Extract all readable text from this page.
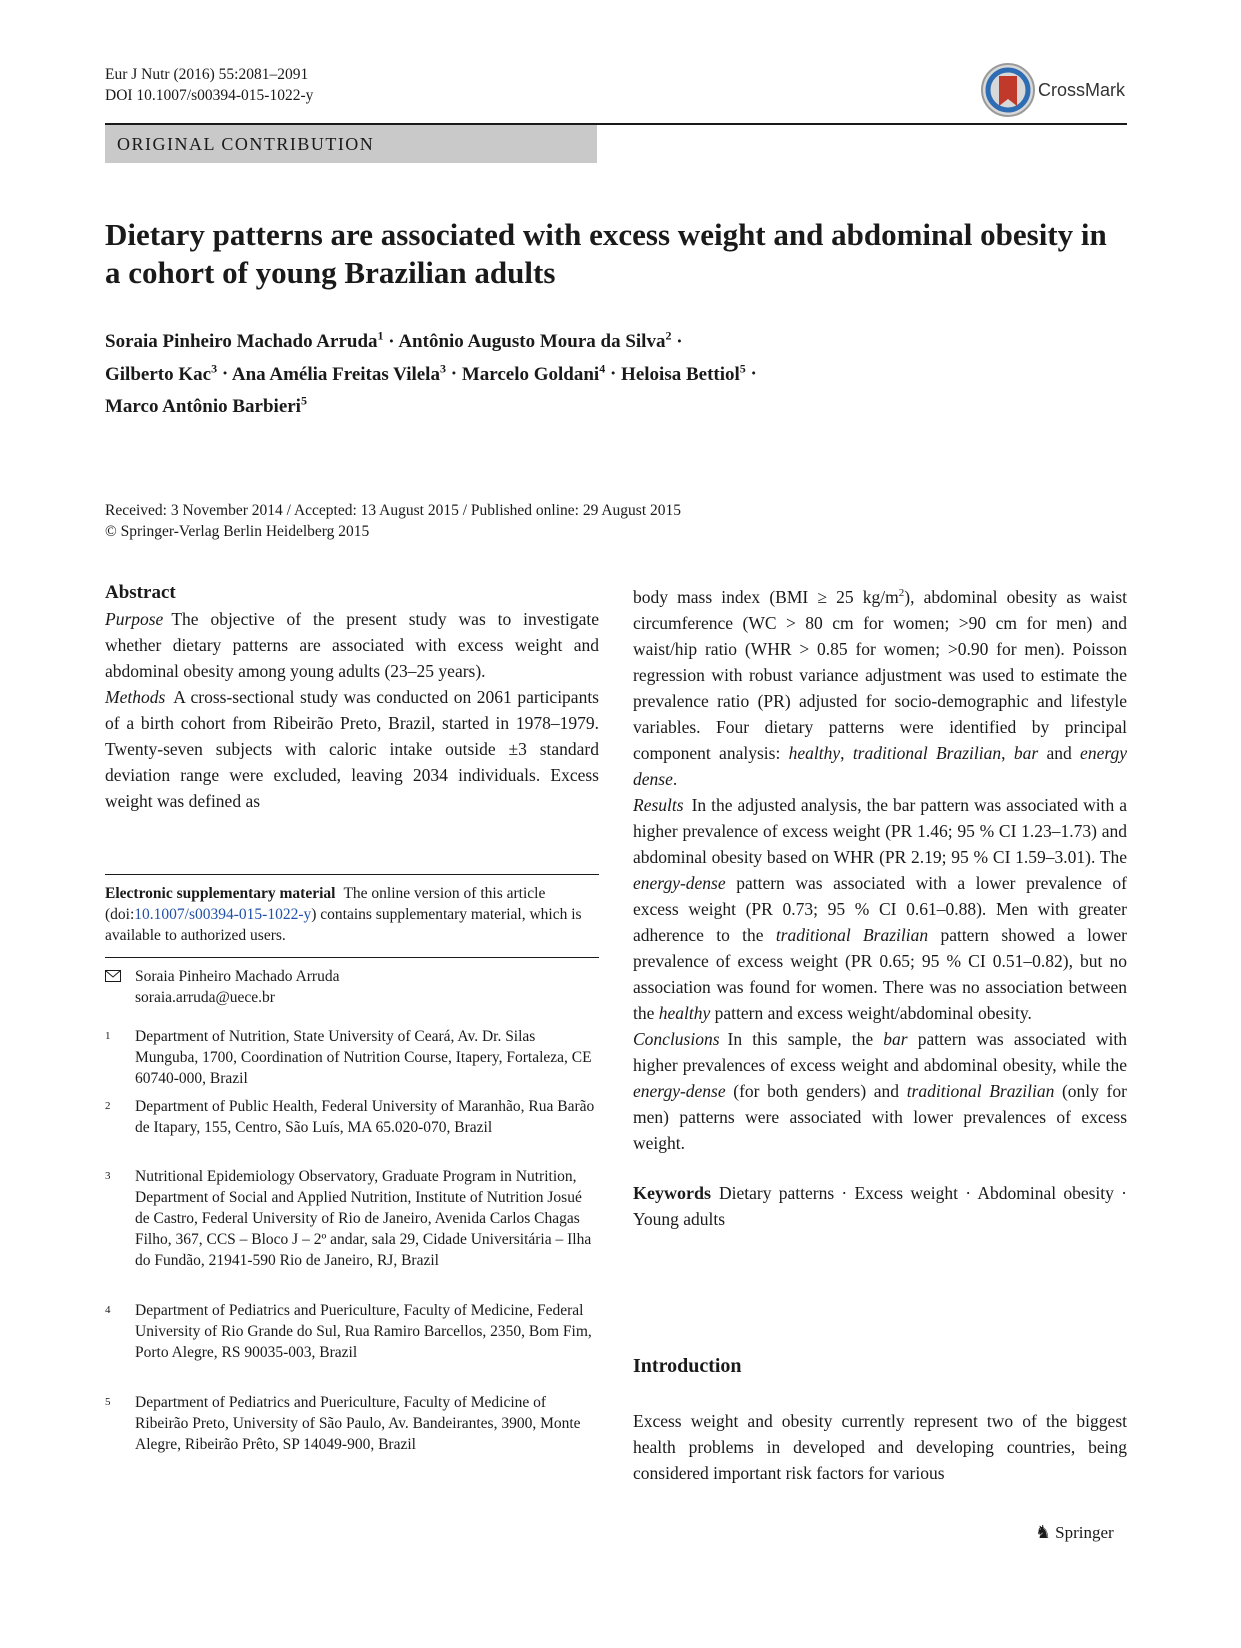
Eur J Nutr (2016) 55:2081–2091
DOI 10.1007/s00394-015-1022-y	CrossMark
ORIGINAL CONTRIBUTION
Dietary patterns are associated with excess weight and abdominal obesity in a cohort of young Brazilian adults
Soraia Pinheiro Machado Arruda$^1$ · Antônio Augusto Moura da Silva$^2$ ·
Gilberto Kac$^3$ · Ana Amélia Freitas Vilela$^3$ · Marcelo Goldani$^4$ · Heloisa Bettiol$^5$ ·
Marco Antônio Barbieri$^5$
Received: 3 November 2014 / Accepted: 13 August 2015 / Published online: 29 August 2015
© Springer-Verlag Berlin Heidelberg 2015

Abstract

Purpose The objective of the present study was to investigate whether dietary patterns are associated with excess weight and abdominal obesity among young adults (23–25 years).

Methods A cross-sectional study was conducted on 2061 participants of a birth cohort from Ribeirão Preto, Brazil, started in 1978–1979. Twenty-seven subjects with caloric intake outside ±3 standard deviation range were excluded, leaving 2034 individuals. Excess weight was defined as

Electronic supplementary material The online version of this article (doi:10.1007/s00394-015-1022-y) contains supplementary material, which is available to authorized users.
Soraia Pinheiro Machado Arruda
soraia.arruda@uece.br
1	Department of Nutrition, State University of Ceará, Av. Dr. Silas Munguba, 1700, Coordination of Nutrition Course, Itapery, Fortaleza, CE 60740-000, Brazil
2	Department of Public Health, Federal University of Maranhão, Rua Barão de Itapary, 155, Centro, São Luís, MA 65.020-070, Brazil
3	Nutritional Epidemiology Observatory, Graduate Program in Nutrition, Department of Social and Applied Nutrition, Institute of Nutrition Josué de Castro, Federal University of Rio de Janeiro, Avenida Carlos Chagas Filho, 367, CCS – Bloco J – 2º andar, sala 29, Cidade Universitária – Ilha do Fundão, 21941-590 Rio de Janeiro, RJ, Brazil
4	Department of Pediatrics and Puericulture, Faculty of Medicine, Federal University of Rio Grande do Sul, Rua Ramiro Barcellos, 2350, Bom Fim, Porto Alegre, RS 90035-003, Brazil
5	Department of Pediatrics and Puericulture, Faculty of Medicine of Ribeirão Preto, University of São Paulo, Av. Bandeirantes, 3900, Monte Alegre, Ribeirão Prêto, SP 14049-900, Brazil

body mass index (BMI ≥ 25 $kg/m^2$), abdominal obesity as waist circumference (WC > 80 cm for women; >90 cm for men) and waist/hip ratio (WHR > 0.85 for women; >0.90 for men). Poisson regression with robust variance adjustment was used to estimate the prevalence ratio (PR) adjusted for socio-demographic and lifestyle variables. Four dietary patterns were identified by principal component analysis: healthy, traditional Brazilian, bar and energy dense.

Results In the adjusted analysis, the bar pattern was associated with a higher prevalence of excess weight (PR 1.46; 95 % CI 1.23–1.73) and abdominal obesity based on WHR (PR 2.19; 95 % CI 1.59–3.01). The energy-dense pattern was associated with a lower prevalence of excess weight (PR 0.73; 95 % CI 0.61–0.88). Men with greater adherence to the traditional Brazilian pattern showed a lower prevalence of excess weight (PR 0.65; 95 % CI 0.51–0.82), but no association was found for women. There was no association between the healthy pattern and excess weight/abdominal obesity.

Conclusions In this sample, the bar pattern was associated with higher prevalences of excess weight and abdominal obesity, while the energy-dense (for both genders) and traditional Brazilian (only for men) patterns were associated with lower prevalences of excess weight.

Keywords Dietary patterns · Excess weight · Abdominal obesity · Young adults

Introduction
Excess weight and obesity currently represent two of the biggest health problems in developed and developing countries, being considered important risk factors for various
♞ Springer
